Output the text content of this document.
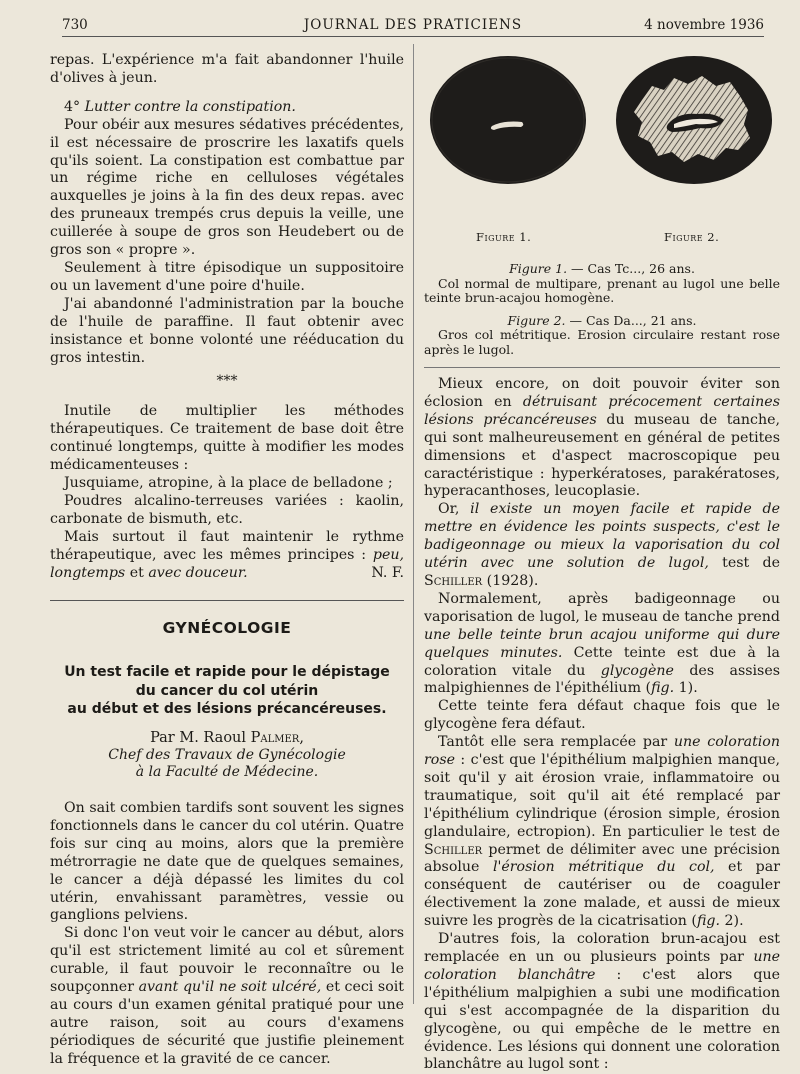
730	JOURNAL DES PRATICIENS	4 novembre 1936

repas. L'expérience m'a fait abandonner l'huile d'olives à jeun.

4° Lutter contre la constipation.

Pour obéir aux mesures sédatives précédentes, il est nécessaire de proscrire les laxatifs quels qu'ils soient. La constipation est combattue par un régime riche en celluloses végétales auxquelles je joins à la fin des deux repas. avec des pruneaux trempés crus depuis la veille, une cuillerée à soupe de gros son Heudebert ou de gros son « propre ».

Seulement à titre épisodique un suppositoire ou un lavement d'une poire d'huile.

J'ai abandonné l'administration par la bouche de l'huile de paraffine. Il faut obtenir avec insistance et bonne volonté une rééducation du gros intestin.

***

Inutile de multiplier les méthodes thérapeutiques. Ce traitement de base doit être continué longtemps, quitte à modifier les modes médicamenteuses :

Jusquiame, atropine, à la place de belladone ;

Poudres alcalino-terreuses variées : kaolin, carbonate de bismuth, etc.

Mais surtout il faut maintenir le rythme thérapeutique, avec les mêmes principes : peu, longtemps et avec douceur.	N. F.

GYNÉCOLOGIE
Un test facile et rapide pour le dépistage
du cancer du col utérin
au début et des lésions précancéreuses.
Par M. Raoul Palmer,
Chef des Travaux de Gynécologie
à la Faculté de Médecine.

On sait combien tardifs sont souvent les signes fonctionnels dans le cancer du col utérin. Quatre fois sur cinq au moins, alors que la première métrorragie ne date que de quelques semaines, le cancer a déjà dépassé les limites du col utérin, envahissant paramètres, vessie ou ganglions pelviens.

Si donc l'on veut voir le cancer au début, alors qu'il est strictement limité au col et sûrement curable, il faut pouvoir le reconnaître ou le soupçonner avant qu'il ne soit ulcéré, et ceci soit au cours d'un examen génital pratiqué pour une autre raison, soit au cours d'examens périodiques de sécurité que justifie pleinement la fréquence et la gravité de ce cancer.

Figure 1.	Figure 2.
Figure 1. — Cas Tc..., 26 ans.
Col normal de multipare, prenant au lugol une belle teinte brun-acajou homogène.
Figure 2. — Cas Da..., 21 ans.
Gros col métritique. Erosion circulaire restant rose après le lugol.

Mieux encore, on doit pouvoir éviter son éclosion en détruisant précocement certaines lésions précancéreuses du museau de tanche, qui sont malheureusement en général de petites dimensions et d'aspect macroscopique peu caractéristique : hyperkératoses, parakératoses, hyperacanthoses, leucoplasie.

Or, il existe un moyen facile et rapide de mettre en évidence les points suspects, c'est le badigeonnage ou mieux la vaporisation du col utérin avec une solution de lugol, test de Schiller (1928).

Normalement, après badigeonnage ou vaporisation de lugol, le museau de tanche prend une belle teinte brun acajou uniforme qui dure quelques minutes. Cette teinte est due à la coloration vitale du glycogène des assises malpighiennes de l'épithélium (fig. 1).

Cette teinte fera défaut chaque fois que le glycogène fera défaut.

Tantôt elle sera remplacée par une coloration rose : c'est que l'épithélium malpighien manque, soit qu'il y ait érosion vraie, inflammatoire ou traumatique, soit qu'il ait été remplacé par l'épithélium cylindrique (érosion simple, érosion glandulaire, ectropion). En particulier le test de Schiller permet de délimiter avec une précision absolue l'érosion métritique du col, et par conséquent de cautériser ou de coaguler électivement la zone malade, et aussi de mieux suivre les progrès de la cicatrisation (fig. 2).

D'autres fois, la coloration brun-acajou est remplacée en un ou plusieurs points par une coloration blanchâtre : c'est alors que l'épithélium malpighien a subi une modification qui s'est accompagnée de la disparition du glycogène, ou qui empêche de le mettre en évidence. Les lésions qui donnent une coloration blanchâtre au lugol sont :
